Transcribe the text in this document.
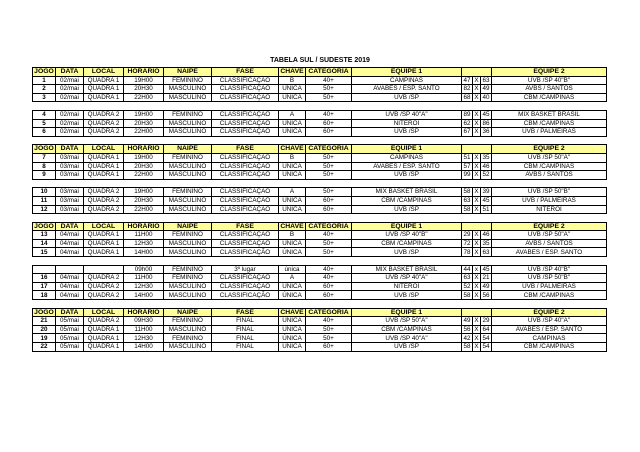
TABELA SUL / SUDESTE 2019
JOGO	DATA	LOCAL	HORARIO	NAIPE	FASE	CHAVE	CATEGORIA	EQUIPE 1				EQUIPE 2
1	02/mai	QUADRA 1	19H00	FEMININO	CLASSIFICAÇÃO	B	40+	CAMPINAS	47	X	63	UVB /SP 40"B"
2	02/mai	QUADRA 1	20H30	MASCULINO	CLASSIFICAÇÃO	ÚNICA	50+	AVABES / ESP. SANTO	82	X	49	AVBS / SANTOS
3	02/mai	QUADRA 1	22H00	MASCULINO	CLASSIFICAÇÃO	ÚNICA	50+	UVB /SP	68	X	40	CBM /CAMPINAS

4	02/mai	QUADRA 2	19H00	FEMININO	CLASSIFICAÇÃO	A	40+	UVB /SP 40"A"	89	X	45	MIX BASKET BRASIL
5	02/mai	QUADRA 2	20H30	MASCULINO	CLASSIFICAÇÃO	ÚNICA	60+	NITERÓI	62	X	86	CBM /CAMPINAS
6	02/mai	QUADRA 2	22H00	MASCULINO	CLASSIFICAÇÃO	ÚNICA	60+	UVB /SP	67	X	36	UVB / PALMEIRAS

JOGO	DATA	LOCAL	HORÁRIO	NAIPE	FASE	CHAVE	CATEGORIA	EQUIPE 1				EQUIPE 2
7	03/mai	QUADRA 1	19H00	FEMININO	CLASSIFICAÇÃO	B	50+	CAMPINAS	51	X	35	UVB /SP 50"A"
8	03/mai	QUADRA 1	20H30	MASCULINO	CLASSIFICAÇÃO	ÚNICA	50+	AVABES / ESP. SANTO	57	X	46	CBM /CAMPINAS
9	03/mai	QUADRA 1	22H00	MASCULINO	CLASSIFICAÇÃO	ÚNICA	50+	UVB /SP	99	X	52	AVBS / SANTOS

10	03/mai	QUADRA 2	19H00	FEMININO	CLASSIFICAÇÃO	A	50+	MIX BASKET BRASIL	58	X	39	UVB /SP 50"B"
11	03/mai	QUADRA 2	20H30	MASCULINO	CLASSIFICAÇÃO	ÚNICA	60+	CBM /CAMPINAS	63	X	45	UVB / PALMEIRAS
12	03/mai	QUADRA 2	22H00	MASCULINO	CLASSIFICAÇÃO	ÚNICA	60+	UVB /SP	58	X	51	NITERÓI

JOGO	DATA	LOCAL	HORÁRIO	NAIPE	FASE	CHAVE	CATEGORIA	EQUIPE 1				EQUIPE 2
13	04/mai	QUADRA 1	11H00	FEMININO	CLASSIFICAÇÃO	B	40+	UVB /SP 40"B"	29	X	46	UVB /SP 50"A"
14	04/mai	QUADRA 1	12H30	MASCULINO	CLASSIFICAÇÃO	ÚNICA	50+	CBM /CAMPINAS	72	X	35	AVBS / SANTOS
15	04/mai	QUADRA 1	14H00	MASCULINO	CLASSIFICAÇÃO	ÚNICA	50+	UVB /SP	78	X	63	AVABES / ESP. SANTO

			09h00	FEMININO	3º lugar	única	40+	MIX BASKET BRASIL	44	x	45	UVB /SP 40"B"
16	04/mai	QUADRA 2	11H00	FEMININO	CLASSIFICAÇÃO	A	40+	UVB /SP 40"A"	63	X	21	UVB /SP 50"B"
17	04/mai	QUADRA 2	12H30	MASCULINO	CLASSIFICAÇÃO	ÚNICA	60+	NITERÓI	52	X	49	UVB / PALMEIRAS
18	04/mai	QUADRA 2	14H00	MASCULINO	CLASSIFICAÇÃO	ÚNICA	60+	UVB /SP	58	X	56	CBM /CAMPINAS

JOGO	DATA	LOCAL	HORÁRIO	NAIPE	FASE	CHAVE	CATEGORIA	EQUIPE 1				EQUIPE 2
21	05/mai	QUADRA 2	09H30	FEMININO	FINAL	ÚNICA	40+	UVB /SP 50"A"	49	X	29	UVB /SP 40"A"
20	05/mai	QUADRA 1	11H00	MASCULINO	FINAL	ÚNICA	50+	CBM /CAMPINAS	56	X	64	AVABES / ESP. SANTO
19	05/mai	QUADRA 1	12H30	FEMININO	FINAL	ÚNICA	50+	UVB /SP 40"A"	42	X	54	CAMPINAS
22	05/mai	QUADRA 1	14H00	MASCULINO	FINAL	ÚNICA	60+	UVB /SP	58	X	54	CBM /CAMPINAS
